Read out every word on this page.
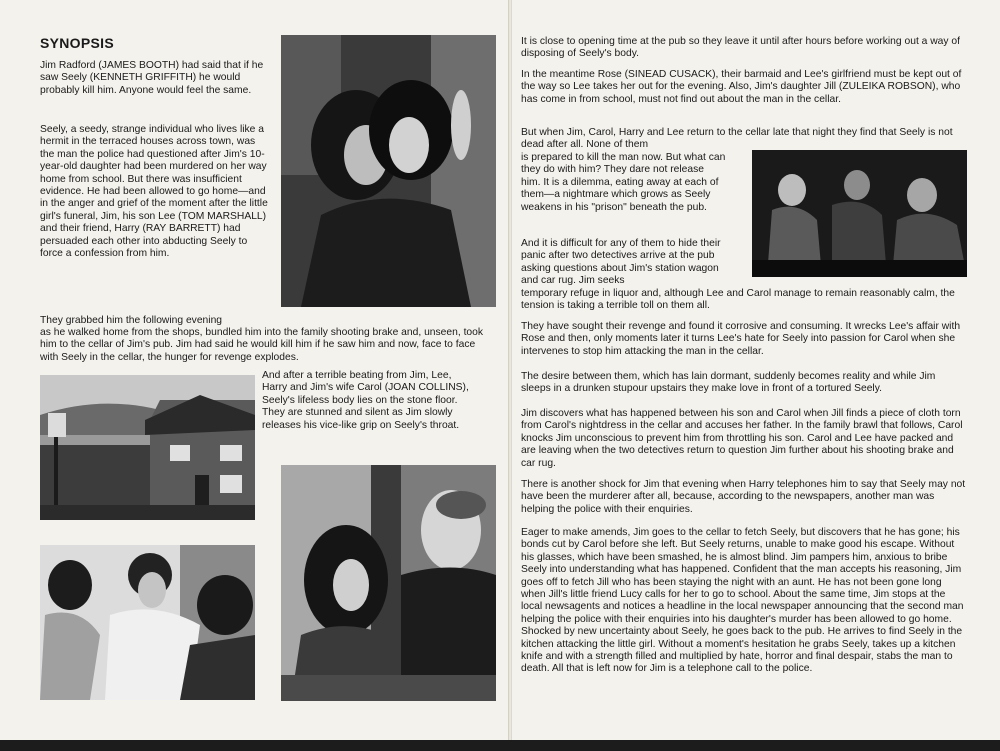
SYNOPSIS

Jim Radford (JAMES BOOTH) had said that if he saw Seely (KENNETH GRIFFITH) he would probably kill him. Anyone would feel the same.

Seely, a seedy, strange individual who lives like a hermit in the terraced houses across town, was the man the police had questioned after Jim's 10-year-old daughter had been murdered on her way home from school. But there was insufficient evidence. He had been allowed to go home—and in the anger and grief of the moment after the little girl's funeral, Jim, his son Lee (TOM MARSHALL) and their friend, Harry (RAY BARRETT) had persuaded each other into abducting Seely to force a confession from him.

They grabbed him the following evening

as he walked home from the shops, bundled him into the family shooting brake and, unseen, took him to the cellar of Jim's pub. Jim had said he would kill him if he saw him and now, face to face with Seely in the cellar, the hunger for revenge explodes.

And after a terrible beating from Jim, Lee, Harry and Jim's wife Carol (JOAN COLLINS), Seely's lifeless body lies on the stone floor. They are stunned and silent as Jim slowly releases his vice-like grip on Seely's throat.

It is close to opening time at the pub so they leave it until after hours before working out a way of disposing of Seely's body.

In the meantime Rose (SINEAD CUSACK), their barmaid and Lee's girlfriend must be kept out of the way so Lee takes her out for the evening. Also, Jim's daughter Jill (ZULEIKA ROBSON), who has come in from school, must not find out about the man in the cellar.

But when Jim, Carol, Harry and Lee return to the cellar late that night they find that Seely is not dead after all. None of them

is prepared to kill the man now. But what can they do with him? They dare not release him. It is a dilemma, eating away at each of them—a nightmare which grows as Seely weakens in his "prison" beneath the pub.

And it is difficult for any of them to hide their panic after two detectives arrive at the pub asking questions about Jim's station wagon and car rug. Jim seeks

temporary refuge in liquor and, although Lee and Carol manage to remain reasonably calm, the tension is taking a terrible toll on them all.

They have sought their revenge and found it corrosive and consuming. It wrecks Lee's affair with Rose and then, only moments later it turns Lee's hate for Seely into passion for Carol when she intervenes to stop him attacking the man in the cellar.

The desire between them, which has lain dormant, suddenly becomes reality and while Jim sleeps in a drunken stupour upstairs they make love in front of a tortured Seely.

Jim discovers what has happened between his son and Carol when Jill finds a piece of cloth torn from Carol's nightdress in the cellar and accuses her father. In the family brawl that follows, Carol knocks Jim unconscious to prevent him from throttling his son. Carol and Lee have packed and are leaving when the two detectives return to question Jim further about his shooting brake and car rug.

There is another shock for Jim that evening when Harry telephones him to say that Seely may not have been the murderer after all, because, according to the newspapers, another man was helping the police with their enquiries.

Eager to make amends, Jim goes to the cellar to fetch Seely, but discovers that he has gone; his bonds cut by Carol before she left. But Seely returns, unable to make good his escape. Without his glasses, which have been smashed, he is almost blind. Jim pampers him, anxious to bribe Seely into understanding what has happened. Confident that the man accepts his reasoning, Jim goes off to fetch Jill who has been staying the night with an aunt. He has not been gone long when Jill's little friend Lucy calls for her to go to school. About the same time, Jim stops at the local newsagents and notices a headline in the local newspaper announcing that the second man helping the police with their enquiries into his daughter's murder has been allowed to go home. Shocked by new uncertainty about Seely, he goes back to the pub. He arrives to find Seely in the kitchen attacking the little girl. Without a moment's hesitation he grabs Seely, takes up a kitchen knife and with a strength filled and multiplied by hate, horror and final despair, stabs the man to death. All that is left now for Jim is a telephone call to the police.
